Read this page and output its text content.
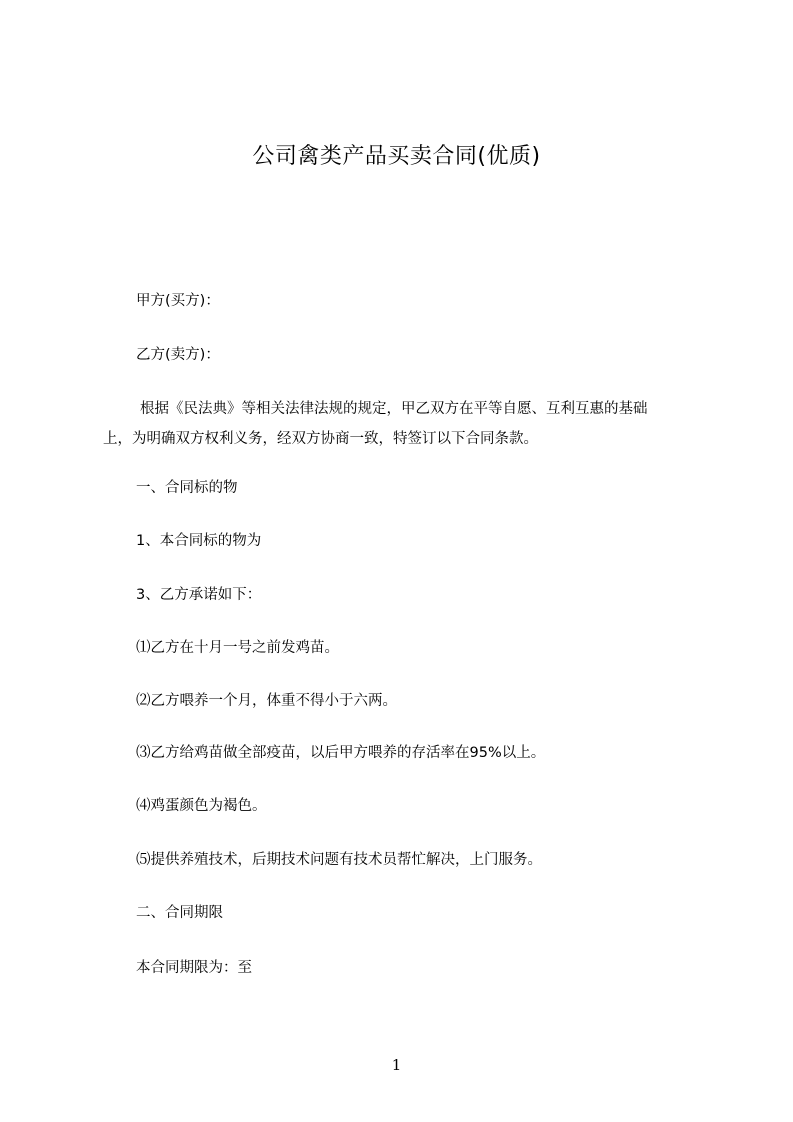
公司禽类产品买卖合同(优质)

甲方(买方)：

乙方(卖方)：

根据《民法典》等相关法律法规的规定，甲乙双方在平等自愿、互利互惠的基础
上，为明确双方权利义务，经双方协商一致，特签订以下合同条款。

一、合同标的物

1、本合同标的物为

3、乙方承诺如下：

⑴乙方在十月一号之前发鸡苗。

⑵乙方喂养一个月，体重不得小于六两。

⑶乙方给鸡苗做全部疫苗，以后甲方喂养的存活率在95%以上。

⑷鸡蛋颜色为褐色。

⑸提供养殖技术，后期技术问题有技术员帮忙解决，上门服务。

二、合同期限

本合同期限为：至

1
